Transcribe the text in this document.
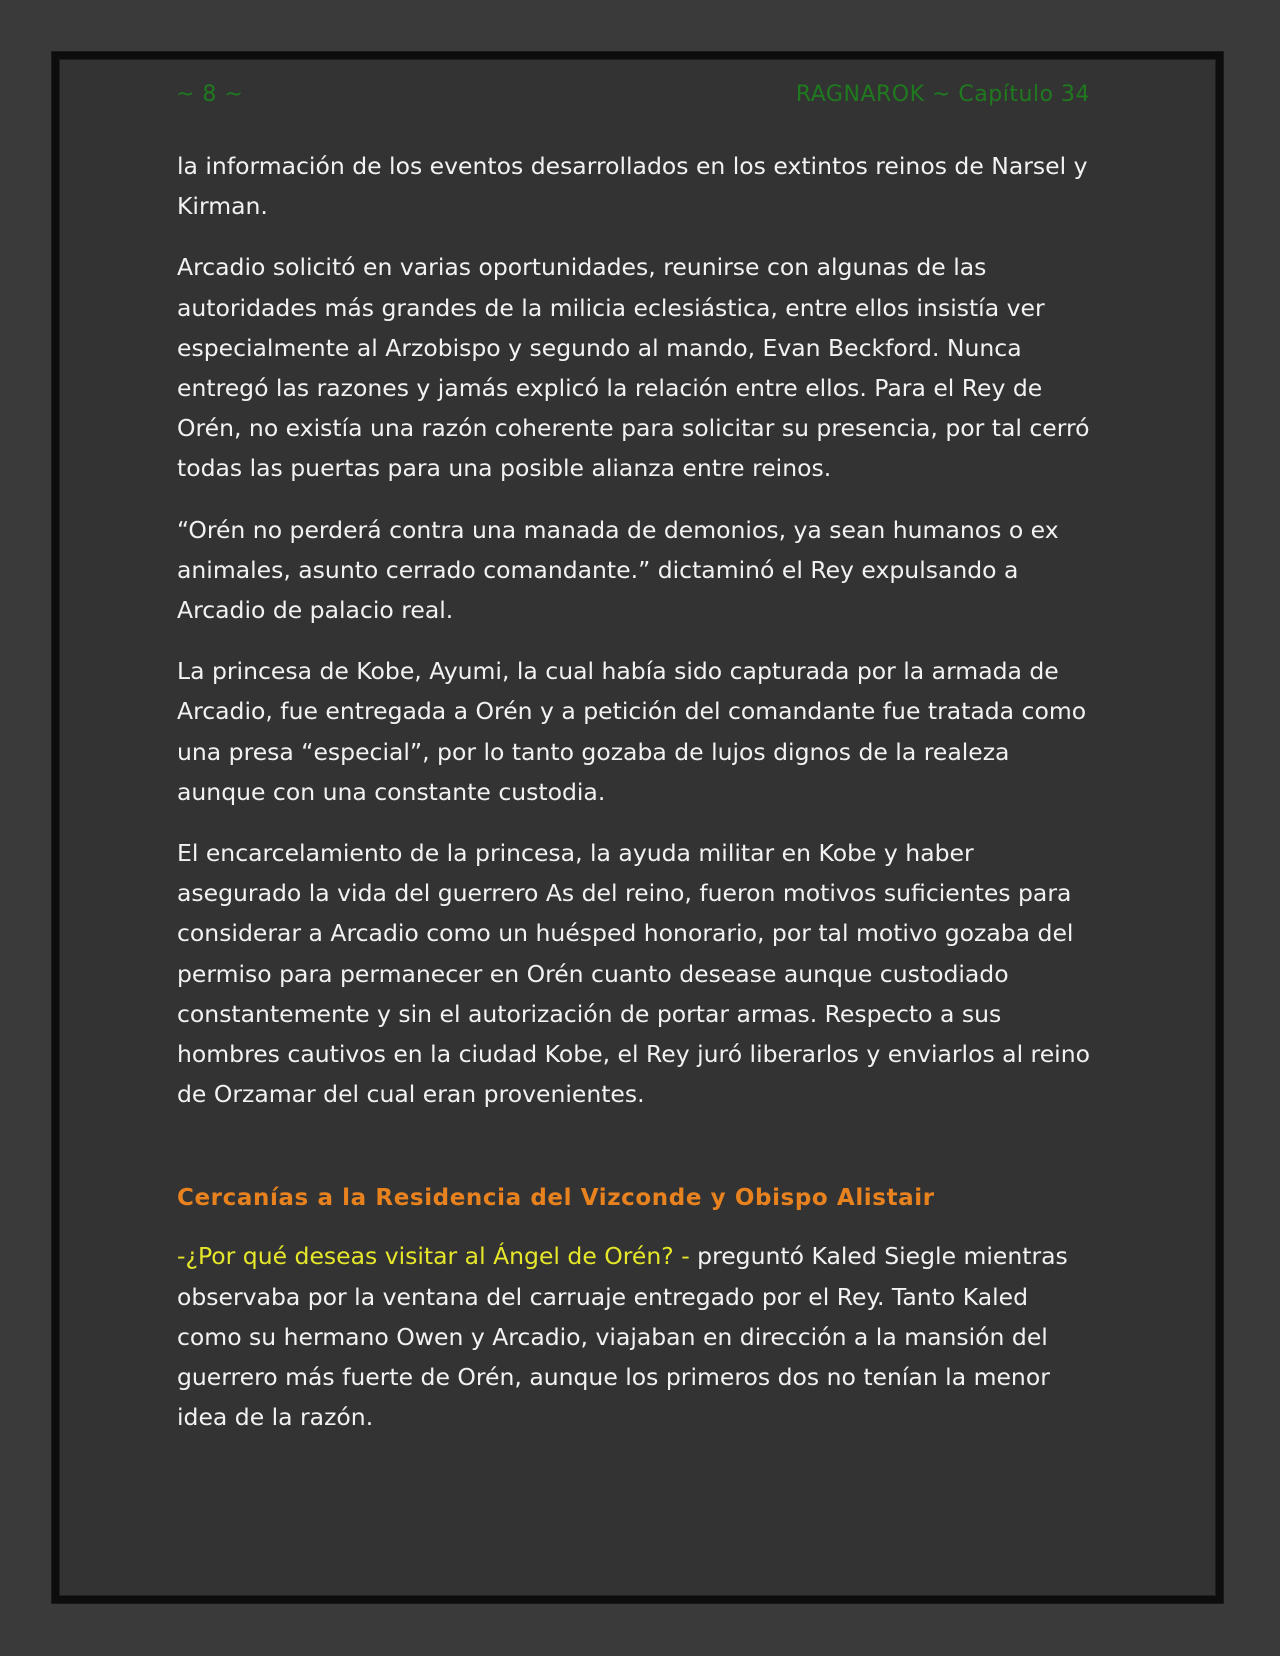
~ 8 ~	RAGNAROK ~ Capítulo 34

la información de los eventos desarrollados en los extintos reinos de Narsel y Kirman.

Arcadio solicitó en varias oportunidades, reunirse con algunas de las autoridades más grandes de la milicia eclesiástica, entre ellos insistía ver especialmente al Arzobispo y segundo al mando, Evan Beckford. Nunca entregó las razones y jamás explicó la relación entre ellos. Para el Rey de Orén, no existía una razón coherente para solicitar su presencia, por tal cerró todas las puertas para una posible alianza entre reinos.

“Orén no perderá contra una manada de demonios, ya sean humanos o ex animales, asunto cerrado comandante.” dictaminó el Rey expulsando a Arcadio de palacio real.

La princesa de Kobe, Ayumi, la cual había sido capturada por la armada de Arcadio, fue entregada a Orén y a petición del comandante fue tratada como una presa “especial”, por lo tanto gozaba de lujos dignos de la realeza aunque con una constante custodia.

El encarcelamiento de la princesa, la ayuda militar en Kobe y haber asegurado la vida del guerrero As del reino, fueron motivos suficientes para considerar a Arcadio como un huésped honorario, por tal motivo gozaba del permiso para permanecer en Orén cuanto desease aunque custodiado constantemente y sin el autorización de portar armas. Respecto a sus hombres cautivos en la ciudad Kobe, el Rey juró liberarlos y enviarlos al reino de Orzamar del cual eran provenientes.

Cercanías a la Residencia del Vizconde y Obispo Alistair

-¿Por qué deseas visitar al Ángel de Orén? - preguntó Kaled Siegle mientras observaba por la ventana del carruaje entregado por el Rey. Tanto Kaled como su hermano Owen y Arcadio, viajaban en dirección a la mansión del guerrero más fuerte de Orén, aunque los primeros dos no tenían la menor idea de la razón.
